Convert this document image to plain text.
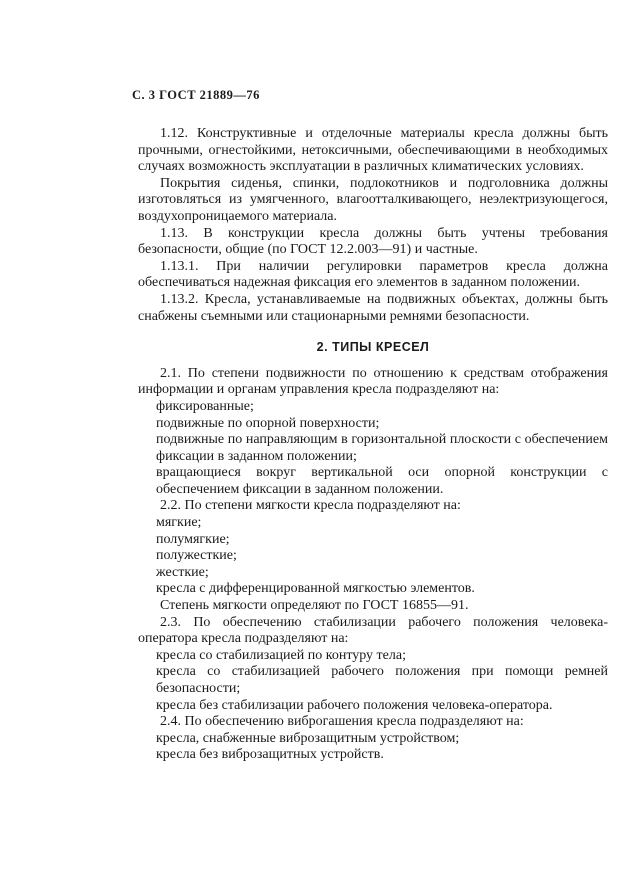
С. 3 ГОСТ 21889—76

1.12. Конструктивные и отделочные материалы кресла должны быть прочными, огнестойкими, нетоксичными, обеспечивающими в необходимых случаях возможность эксплуатации в различных климатических условиях.

Покрытия сиденья, спинки, подлокотников и подголовника должны изготовляться из умягченного, влагоотталкивающего, неэлектризующегося, воздухопроницаемого материала.

1.13. В конструкции кресла должны быть учтены требования безопасности, общие (по ГОСТ 12.2.003—91) и частные.

1.13.1. При наличии регулировки параметров кресла должна обеспечиваться надежная фиксация его элементов в заданном положении.

1.13.2. Кресла, устанавливаемые на подвижных объектах, должны быть снабжены съемными или стационарными ремнями безопасности.

2. ТИПЫ КРЕСЕЛ

2.1. По степени подвижности по отношению к средствам отображения информации и органам управления кресла подразделяют на:

фиксированные;
подвижные по опорной поверхности;
подвижные по направляющим в горизонтальной плоскости с обеспечением фиксации в заданном положении;
вращающиеся вокруг вертикальной оси опорной конструкции с обеспечением фиксации в заданном положении.

2.2. По степени мягкости кресла подразделяют на:

мягкие;
полумягкие;
полужесткие;
жесткие;
кресла с дифференцированной мягкостью элементов.

Степень мягкости определяют по ГОСТ 16855—91.

2.3. По обеспечению стабилизации рабочего положения человека-оператора кресла подразделяют на:

кресла со стабилизацией по контуру тела;
кресла со стабилизацией рабочего положения при помощи ремней безопасности;
кресла без стабилизации рабочего положения человека-оператора.

2.4. По обеспечению виброгашения кресла подразделяют на:

кресла, снабженные виброзащитным устройством;
кресла без виброзащитных устройств.
